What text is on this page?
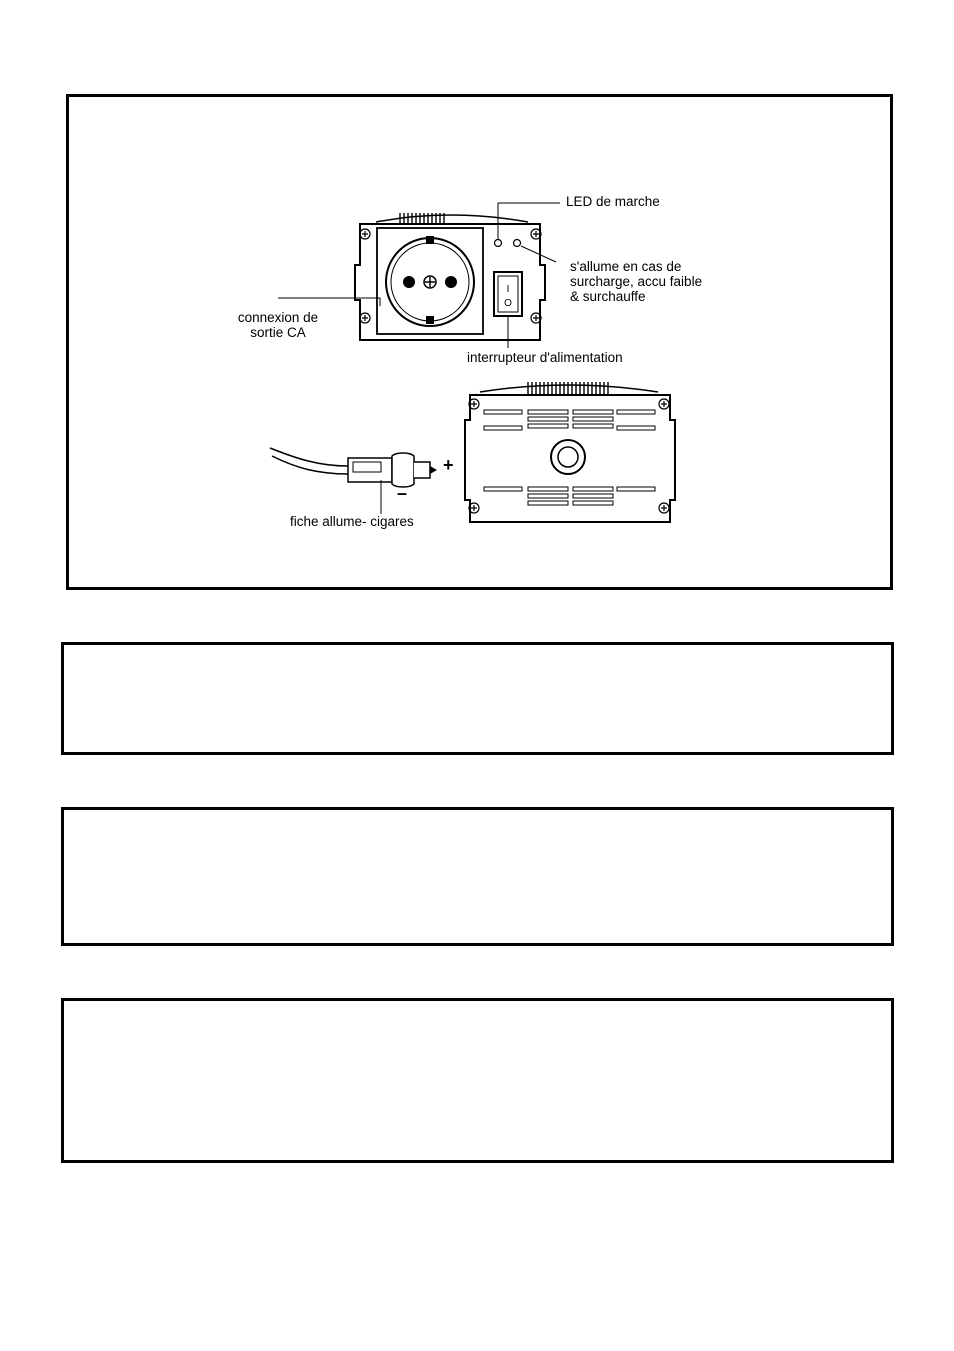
I
O
LED de marche
s'allume en cas de
surcharge, accu faible
& surchauffe
connexion de
sortie CA
interrupteur d'alimentation
+
–
fiche allume- cigares
